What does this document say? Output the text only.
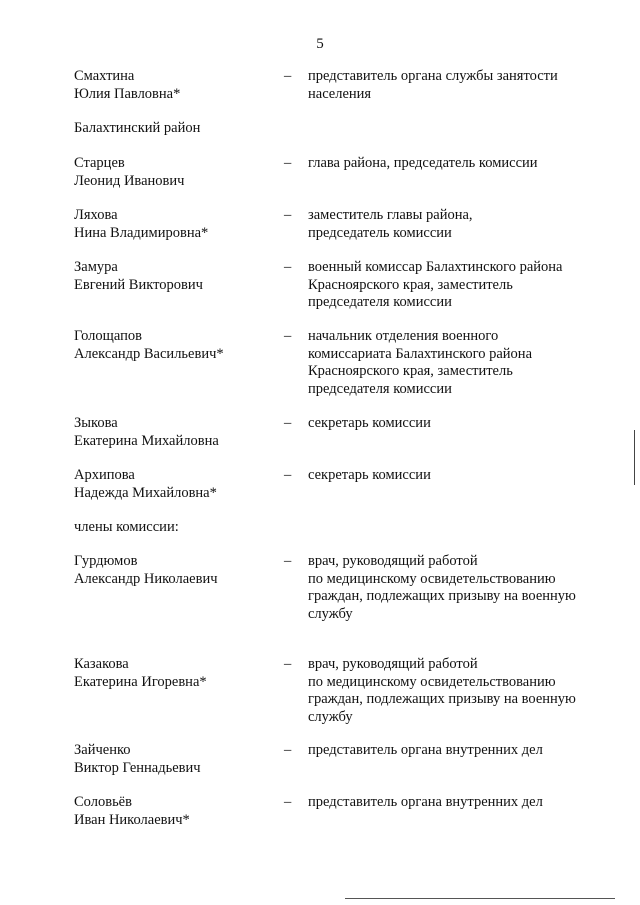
5
Смахтина
Юлия Павловна*
– представитель органа службы занятости
населения
Балахтинский район
Старцев
Леонид Иванович
– глава района, председатель комиссии
Ляхова
Нина Владимировна*
– заместитель главы района,
председатель комиссии
Замура
Евгений Викторович
– военный комиссар Балахтинского района
Красноярского края, заместитель
председателя комиссии
Голощапов
Александр Васильевич*
– начальник отделения военного
комиссариата Балахтинского района
Красноярского края, заместитель
председателя комиссии
Зыкова
Екатерина Михайловна
– секретарь комиссии
Архипова
Надежда Михайловна*
– секретарь комиссии
члены комиссии:
Гурдюмов
Александр Николаевич
– врач, руководящий работой
по медицинскому освидетельствованию
граждан, подлежащих призыву на военную
службу
Казакова
Екатерина Игоревна*
– врач, руководящий работой
по медицинскому освидетельствованию
граждан, подлежащих призыву на военную
службу
Зайченко
Виктор Геннадьевич
– представитель органа внутренних дел
Соловьёв
Иван Николаевич*
– представитель органа внутренних дел
